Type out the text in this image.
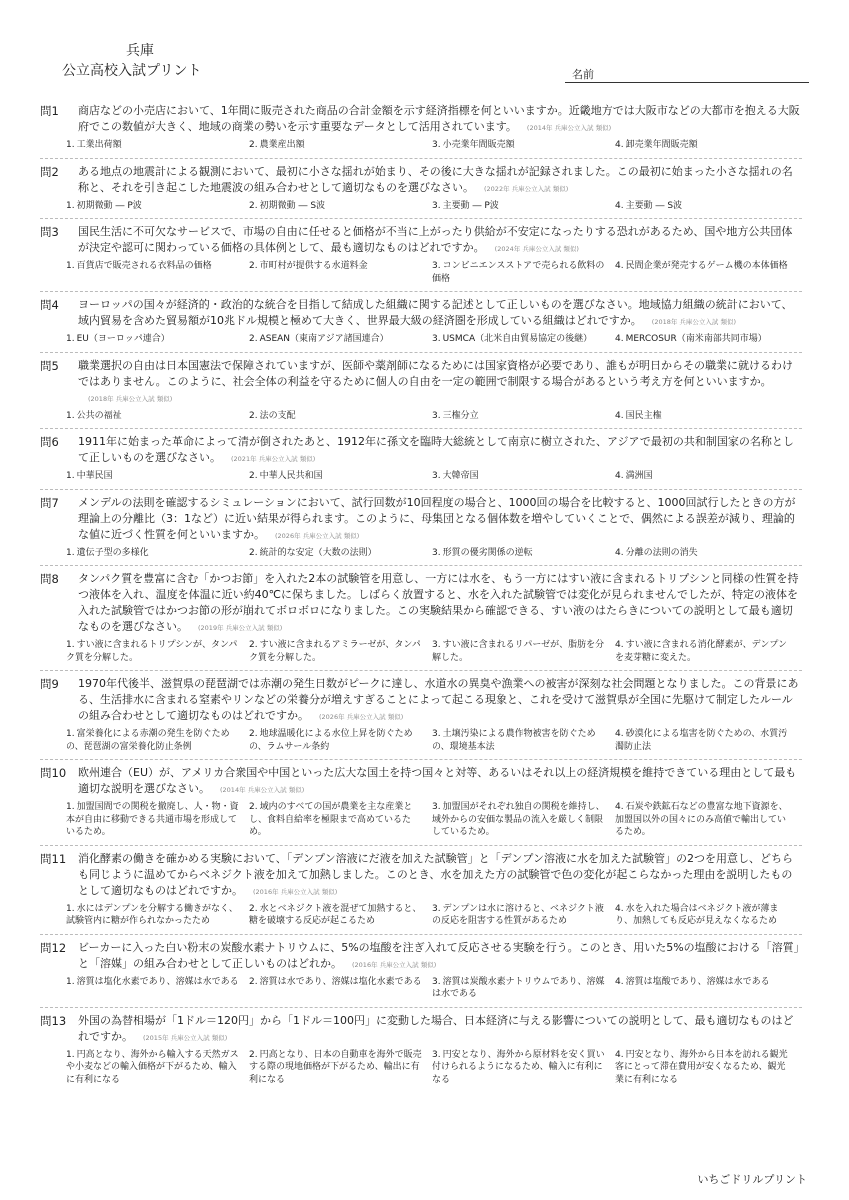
兵庫
公立高校入試プリント	名前
問1 商店などの小売店において、1年間に販売された商品の合計金額を示す経済指標を何といいますか。近畿地方では大阪市などの大都市を抱える大阪府でこの数値が大きく、地域の商業の勢いを示す重要なデータとして活用されています。 (2014年 兵庫公立入試 類似)
1. 工業出荷額	2. 農業産出額	3. 小売業年間販売額	4. 卸売業年間販売額
問2 ある地点の地震計による観測において、最初に小さな揺れが始まり、その後に大きな揺れが記録されました。この最初に始まった小さな揺れの名称と、それを引き起こした地震波の組み合わせとして適切なものを選びなさい。 (2022年 兵庫公立入試 類似)
1. 初期微動 ― P波	2. 初期微動 ― S波	3. 主要動 ― P波	4. 主要動 ― S波
問3 国民生活に不可欠なサービスで、市場の自由に任せると価格が不当に上がったり供給が不安定になったりする恐れがあるため、国や地方公共団体が決定や認可に関わっている価格の具体例として、最も適切なものはどれですか。 (2024年 兵庫公立入試 類似)
1. 百貨店で販売される衣料品の価格	2. 市町村が提供する水道料金	3. コンビニエンスストアで売られる飲料の価格
4. 民間企業が発売するゲーム機の本体価格
問4 ヨーロッパの国々が経済的・政治的な統合を目指して結成した組織に関する記述として正しいものを選びなさい。地域協力組織の統計において、域内貿易を含めた貿易額が10兆ドル規模と極めて大きく、世界最大級の経済圏を形成している組織はどれですか。 (2018年 兵庫公立入試 類似)
1. EU（ヨーロッパ連合）	2. ASEAN（東南アジア諸国連合）	3. USMCA（北米自由貿易協定の後継）	4. MERCOSUR（南米南部共同市場）
問5 職業選択の自由は日本国憲法で保障されていますが、医師や薬剤師になるためには国家資格が必要であり、誰もが明日からその職業に就けるわけではありません。このように、社会全体の利益を守るために個人の自由を一定の範囲で制限する場合があるという考え方を何といいますか。(2018年 兵庫公立入試 類似)
1. 公共の福祉	2. 法の支配	3. 三権分立	4. 国民主権
問6 1911年に始まった革命によって清が倒されたあと、1912年に孫文を臨時大総統として南京に樹立された、アジアで最初の共和制国家の名称として正しいものを選びなさい。 (2021年 兵庫公立入試 類似)
1. 中華民国	2. 中華人民共和国	3. 大韓帝国	4. 満洲国
問7 メンデルの法則を確認するシミュレーションにおいて、試行回数が10回程度の場合と、1000回の場合を比較すると、1000回試行したときの方が理論上の分離比（3：1など）に近い結果が得られます。このように、母集団となる個体数を増やしていくことで、偶然による誤差が減り、理論的な値に近づく性質を何といいますか。 (2026年 兵庫公立入試 類似)
1. 遺伝子型の多様化	2. 統計的な安定（大数の法則）	3. 形質の優劣関係の逆転	4. 分離の法則の消失
問8 タンパク質を豊富に含む「かつお節」を入れた2本の試験管を用意し、一方には水を、もう一方にはすい液に含まれるトリプシンと同様の性質を持つ液体を入れ、温度を体温に近い約40℃に保ちました。しばらく放置すると、水を入れた試験管では変化が見られませんでしたが、特定の液体を入れた試験管ではかつお節の形が崩れてボロボロになりました。この実験結果から確認できる、すい液のはたらきについての説明として最も適切なものを選びなさい。 (2019年 兵庫公立入試 類似)
1. すい液に含まれるトリプシンが、タンパク質を分解した。
2. すい液に含まれるアミラーゼが、タンパク質を分解した。
3. すい液に含まれるリパーゼが、脂肪を分解した。
4. すい液に含まれる消化酵素が、デンプンを麦芽糖に変えた。
問9 1970年代後半、滋賀県の琵琶湖では赤潮の発生日数がピークに達し、水道水の異臭や漁業への被害が深刻な社会問題となりました。この背景にある、生活排水に含まれる窒素やリンなどの栄養分が増えすぎることによって起こる現象と、これを受けて滋賀県が全国に先駆けて制定したルールの組み合わせとして適切なものはどれですか。 (2026年 兵庫公立入試 類似)
1. 富栄養化による赤潮の発生を防ぐための、琵琶湖の富栄養化防止条例
2. 地球温暖化による水位上昇を防ぐための、ラムサール条約
3. 土壌汚染による農作物被害を防ぐための、環境基本法
4. 砂漠化による塩害を防ぐための、水質汚濁防止法
問10 欧州連合（EU）が、アメリカ合衆国や中国といった広大な国土を持つ国々と対等、あるいはそれ以上の経済規模を維持できている理由として最も適切な説明を選びなさい。 (2014年 兵庫公立入試 類似)
1. 加盟国間での関税を撤廃し、人・物・資本が自由に移動できる共通市場を形成しているため。
2. 域内のすべての国が農業を主な産業とし、食料自給率を極限まで高めているため。
3. 加盟国がそれぞれ独自の関税を維持し、域外からの安価な製品の流入を厳しく制限しているため。
4. 石炭や鉄鉱石などの豊富な地下資源を、加盟国以外の国々にのみ高値で輸出しているため。
問11 消化酵素の働きを確かめる実験において、「デンプン溶液にだ液を加えた試験管」と「デンプン溶液に水を加えた試験管」の2つを用意し、どちらも同じように温めてからベネジクト液を加えて加熱しました。このとき、水を加えた方の試験管で色の変化が起こらなかった理由を説明したものとして適切なものはどれですか。 (2016年 兵庫公立入試 類似)
1. 水にはデンプンを分解する働きがなく、試験管内に糖が作られなかったため
2. 水とベネジクト液を混ぜて加熱すると、糖を破壊する反応が起こるため
3. デンプンは水に溶けると、ベネジクト液の反応を阻害する性質があるため
4. 水を入れた場合はベネジクト液が薄まり、加熱しても反応が見えなくなるため
問12 ビーカーに入った白い粉末の炭酸水素ナトリウムに、5%の塩酸を注ぎ入れて反応させる実験を行う。このとき、用いた5%の塩酸における「溶質」と「溶媒」の組み合わせとして正しいものはどれか。 (2016年 兵庫公立入試 類似)
1. 溶質は塩化水素であり、溶媒は水である	2. 溶質は水であり、溶媒は塩化水素である	3. 溶質は炭酸水素ナトリウムであり、溶媒は水である
4. 溶質は塩酸であり、溶媒は水である
問13 外国の為替相場が「1ドル＝120円」から「1ドル＝100円」に変動した場合、日本経済に与える影響についての説明として、最も適切なものはどれですか。 (2015年 兵庫公立入試 類似)
1. 円高となり、海外から輸入する天然ガスや小麦などの輸入価格が下がるため、輸入に有利になる
2. 円高となり、日本の自動車を海外で販売する際の現地価格が下がるため、輸出に有利になる
3. 円安となり、海外から原材料を安く買い付けられるようになるため、輸入に有利になる
4. 円安となり、海外から日本を訪れる観光客にとって滞在費用が安くなるため、観光業に有利になる
いちごドリルプリント
